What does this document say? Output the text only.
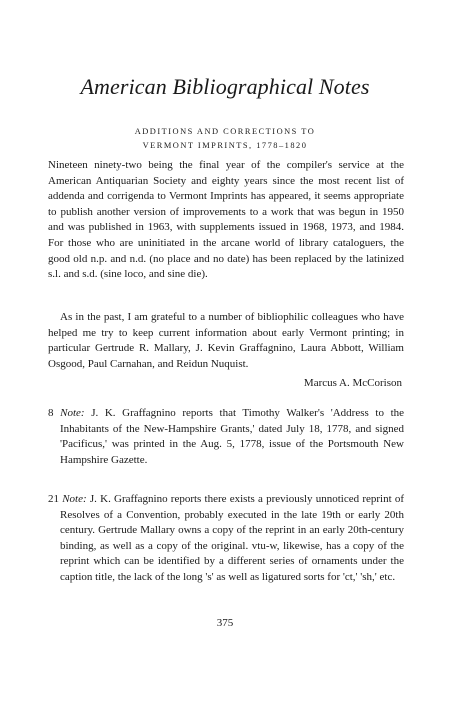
American Bibliographical Notes
ADDITIONS AND CORRECTIONS TO
VERMONT IMPRINTS, 1778–1820
Nineteen ninety-two being the final year of the compiler's service at the American Antiquarian Society and eighty years since the most recent list of addenda and corrigenda to Vermont Imprints has appeared, it seems appropriate to publish another version of improvements to a work that was begun in 1950 and was published in 1963, with supplements issued in 1968, 1973, and 1984. For those who are uninitiated in the arcane world of library cataloguers, the good old n.p. and n.d. (no place and no date) has been replaced by the latinized s.l. and s.d. (sine loco, and sine die).
As in the past, I am grateful to a number of bibliophilic colleagues who have helped me try to keep current information about early Vermont printing; in particular Gertrude R. Mallary, J. Kevin Graffagnino, Laura Abbott, William Osgood, Paul Carnahan, and Reidun Nuquist.
Marcus A. McCorison
8 Note: J. K. Graffagnino reports that Timothy Walker's 'Address to the Inhabitants of the New-Hampshire Grants,' dated July 18, 1778, and signed 'Pacificus,' was printed in the Aug. 5, 1778, issue of the Portsmouth New Hampshire Gazette.
21 Note: J. K. Graffagnino reports there exists a previously unnoticed reprint of Resolves of a Convention, probably executed in the late 19th or early 20th century. Gertrude Mallary owns a copy of the reprint in an early 20th-century binding, as well as a copy of the original. vtu-w, likewise, has a copy of the reprint which can be identified by a different series of ornaments under the caption title, the lack of the long 's' as well as ligatured sorts for 'ct,' 'sh,' etc.
375
